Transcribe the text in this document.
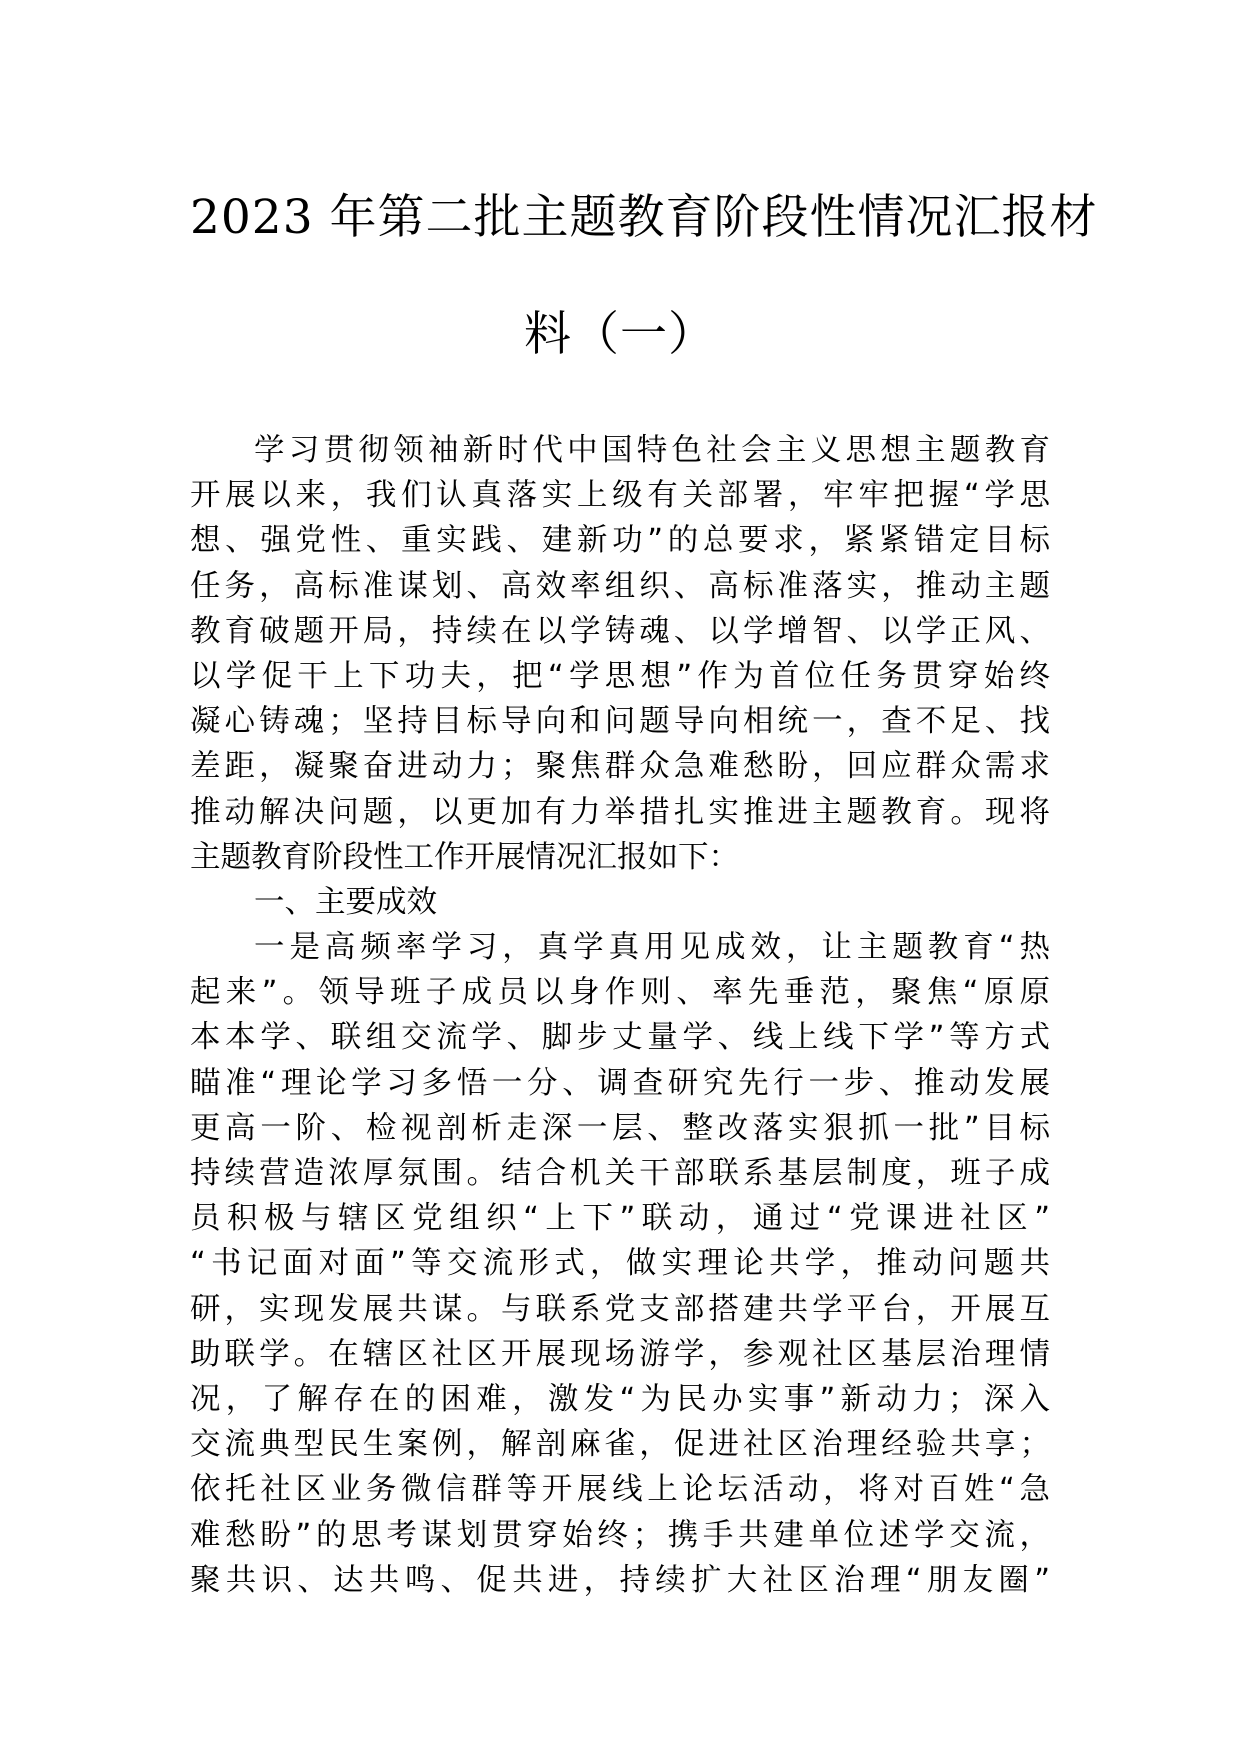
2023 年第二批主题教育阶段性情况汇报材
料（一）
学习贯彻领袖新时代中国特色社会主义思想主题教育
开展以来，我们认真落实上级有关部署，牢牢把握“学思
想、强党性、重实践、建新功”的总要求，紧紧错定目标
任务，高标准谋划、高效率组织、高标准落实，推动主题
教育破题开局，持续在以学铸魂、以学增智、以学正风、
以学促干上下功夫，把“学思想”作为首位任务贯穿始终
凝心铸魂；坚持目标导向和问题导向相统一，查不足、找
差距，凝聚奋进动力；聚焦群众急难愁盼，回应群众需求
推动解决问题，以更加有力举措扎实推进主题教育。现将
主题教育阶段性工作开展情况汇报如下：
一、主要成效
一是高频率学习，真学真用见成效，让主题教育“热
起来”。领导班子成员以身作则、率先垂范，聚焦“原原
本本学、联组交流学、脚步丈量学、线上线下学”等方式
瞄准“理论学习多悟一分、调查研究先行一步、推动发展
更高一阶、检视剖析走深一层、整改落实狠抓一批”目标
持续营造浓厚氛围。结合机关干部联系基层制度，班子成
员积极与辖区党组织“上下”联动，通过“党课进社区”
“书记面对面”等交流形式，做实理论共学，推动问题共
研，实现发展共谋。与联系党支部搭建共学平台，开展互
助联学。在辖区社区开展现场游学，参观社区基层治理情
况，了解存在的困难，激发“为民办实事”新动力；深入
交流典型民生案例，解剖麻雀，促进社区治理经验共享；
依托社区业务微信群等开展线上论坛活动，将对百姓“急
难愁盼”的思考谋划贯穿始终；携手共建单位述学交流，
聚共识、达共鸣、促共进，持续扩大社区治理“朋友圈”
